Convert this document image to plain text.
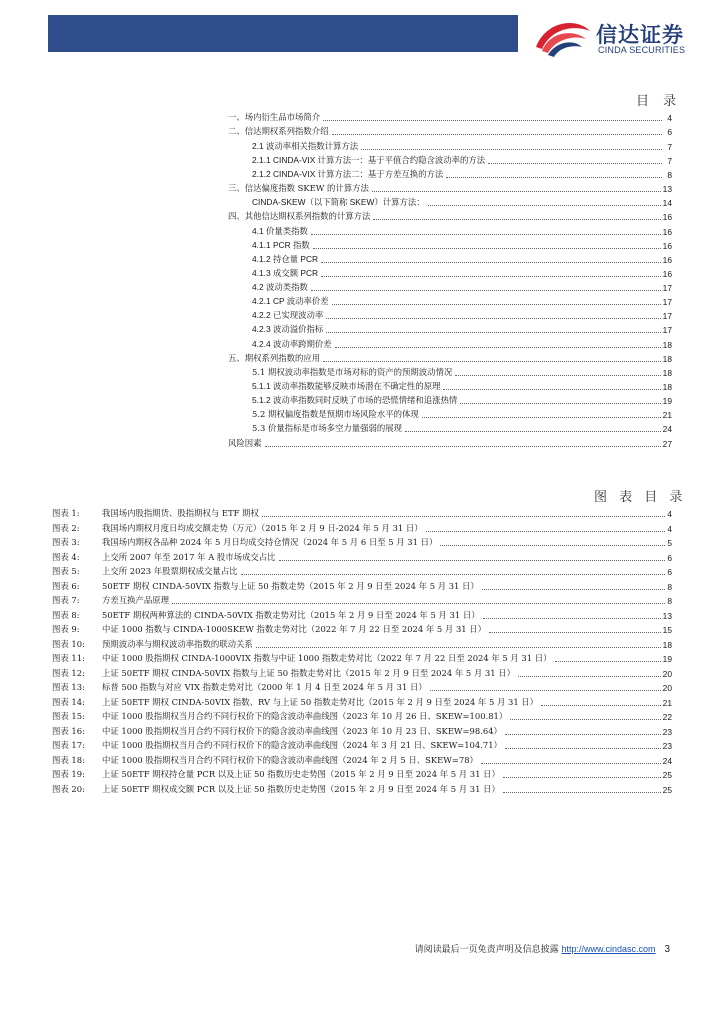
信达证券
CINDA SECURITIES
目 录
一、场内衍生品市场简介	4
二、信达期权系列指数介绍	6
2.1 波动率相关指数计算方法	7
2.1.1 CINDA-VIX 计算方法一：基于平值合约隐含波动率的方法	7
2.1.2 CINDA-VIX 计算方法二：基于方差互换的方法	8
三、信达偏度指数 SKEW 的计算方法	13
CINDA-SKEW（以下简称 SKEW）计算方法：	14
四、其他信达期权系列指数的计算方法	16
4.1 价量类指数	16
4.1.1 PCR 指数	16
4.1.2 持仓量 PCR	16
4.1.3 成交额 PCR	16
4.2 波动类指数	17
4.2.1 CP 波动率价差	17
4.2.2 已实现波动率	17
4.2.3 波动溢价指标	17
4.2.4 波动率跨期价差	18
五、期权系列指数的应用	18
5.1 期权波动率指数是市场对标的资产的预期波动情况	18
5.1.1 波动率指数能够反映市场潜在不确定性的原理	18
5.1.2 波动率指数同时反映了市场的恐慌情绪和追涨热情	19
5.2 期权偏度指数是预期市场风险水平的体现	21
5.3 价量指标是市场多空力量强弱的展现	24
风险因素	27
图 表 目 录
图表 1:	我国场内股指期货、股指期权与 ETF 期权	4
图表 2:	我国场内期权月度日均成交额走势（万元）（2015 年 2 月 9 日-2024 年 5 月 31 日）	4
图表 3:	我国场内期权各品种 2024 年 5 月日均成交持仓情况（2024 年 5 月 6 日至 5 月 31 日）	5
图表 4:	上交所 2007 年至 2017 年 A 股市场成交占比	6
图表 5:	上交所 2023 年股票期权成交量占比	6
图表 6:	50ETF 期权 CINDA-50VIX 指数与上证 50 指数走势（2015 年 2 月 9 日至 2024 年 5 月 31 日）	8
图表 7:	方差互换产品原理	8
图表 8:	50ETF 期权两种算法的 CINDA-50VIX 指数走势对比（2015 年 2 月 9 日至 2024 年 5 月 31 日）	13
图表 9:	中证 1000 指数与 CINDA-1000SKEW 指数走势对比（2022 年 7 月 22 日至 2024 年 5 月 31 日）	15
图表 10:	预期波动率与期权波动率指数的联动关系	18
图表 11:	中证 1000 股指期权 CINDA-1000VIX 指数与中证 1000 指数走势对比（2022 年 7 月 22 日至 2024 年 5 月 31 日）	19
图表 12:	上证 50ETF 期权 CINDA-50VIX 指数与上证 50 指数走势对比（2015 年 2 月 9 日至 2024 年 5 月 31 日）	20
图表 13:	标普 500 指数与对应 VIX 指数走势对比（2000 年 1 月 4 日至 2024 年 5 月 31 日）	20
图表 14:	上证 50ETF 期权 CINDA-50VIX 指数、RV 与上证 50 指数走势对比（2015 年 2 月 9 日至 2024 年 5 月 31 日）	21
图表 15:	中证 1000 股指期权当月合约不同行权价下的隐含波动率曲线图（2023 年 10 月 26 日、SKEW=100.81）	22
图表 16:	中证 1000 股指期权当月合约不同行权价下的隐含波动率曲线图（2023 年 10 月 23 日、SKEW=98.64）	23
图表 17:	中证 1000 股指期权当月合约不同行权价下的隐含波动率曲线图（2024 年 3 月 21 日、SKEW=104.71）	23
图表 18:	中证 1000 股指期权当月合约不同行权价下的隐含波动率曲线图（2024 年 2 月 5 日、SKEW=78）	24
图表 19:	上证 50ETF 期权持仓量 PCR 以及上证 50 指数历史走势图（2015 年 2 月 9 日至 2024 年 5 月 31 日）	25
图表 20:	上证 50ETF 期权成交额 PCR 以及上证 50 指数历史走势图（2015 年 2 月 9 日至 2024 年 5 月 31 日）	25
请阅读最后一页免责声明及信息披露 http://www.cindasc.com 3
